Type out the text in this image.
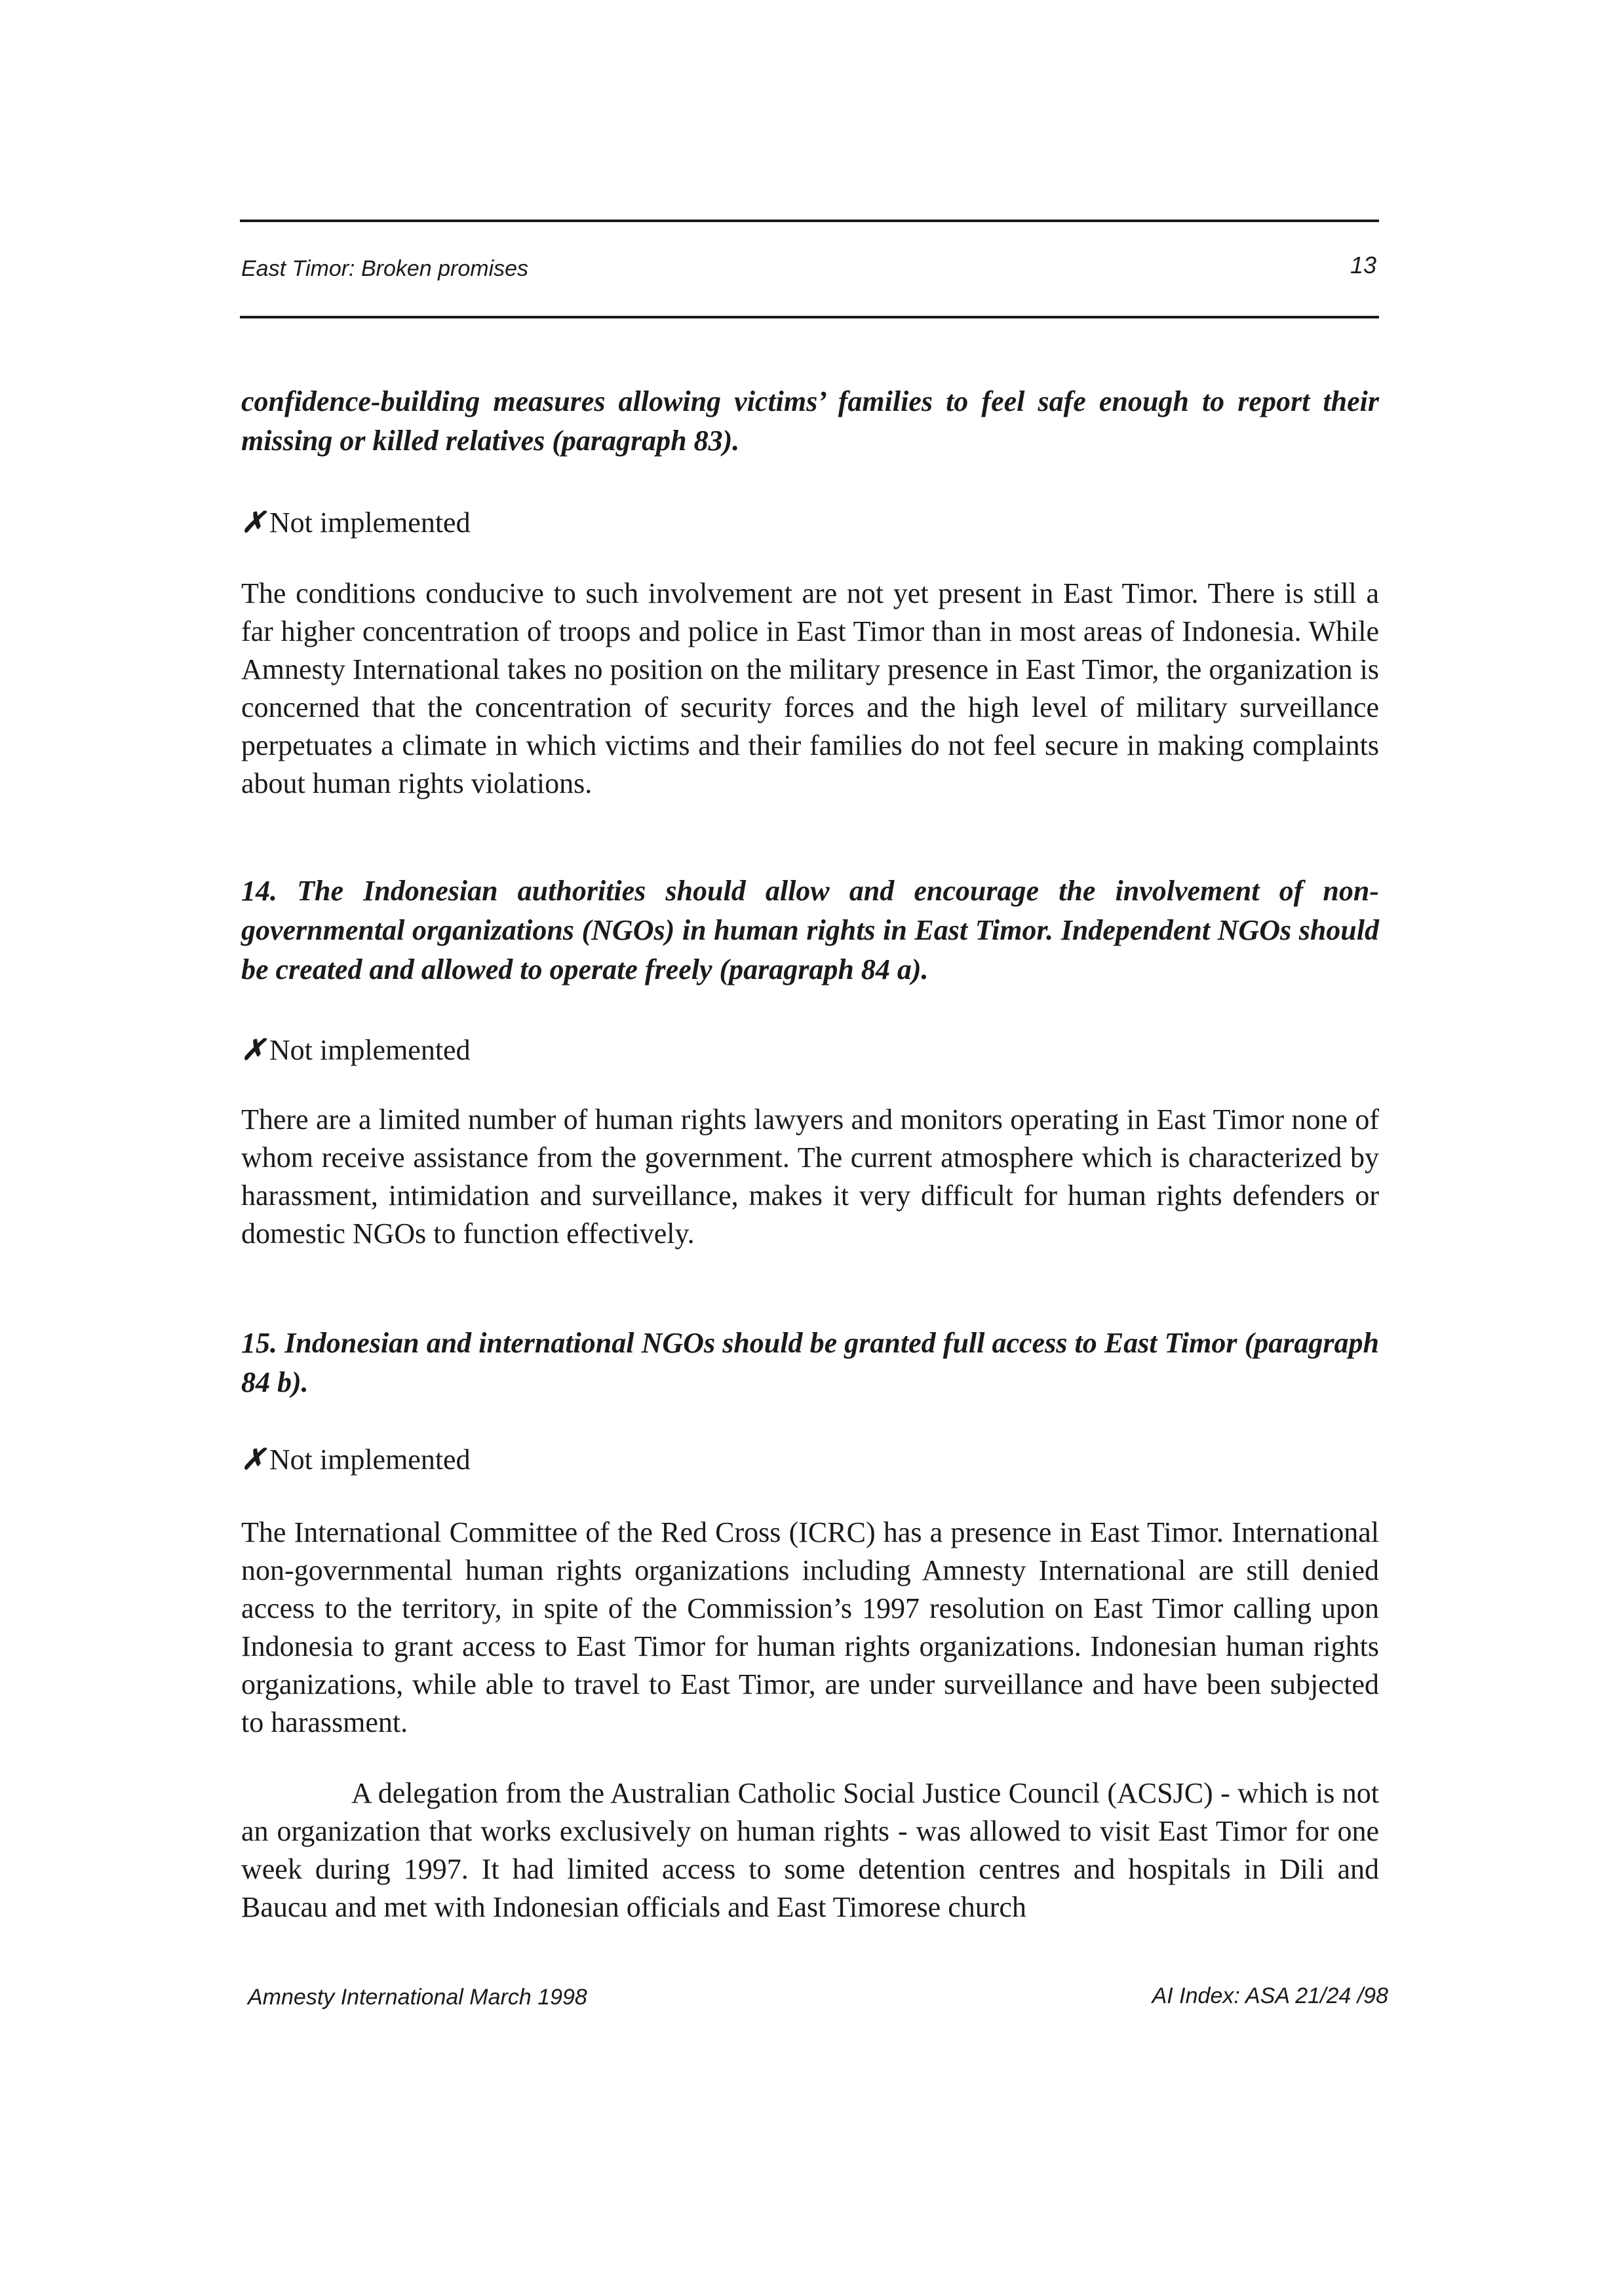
East Timor: Broken promises	13

confidence-building measures allowing victims’ families to feel safe enough to report their missing or killed relatives (paragraph 83).

✗ Not implemented

The conditions conducive to such involvement are not yet present in East Timor. There is still a far higher concentration of troops and police in East Timor than in most areas of Indonesia. While Amnesty International takes no position on the military presence in East Timor, the organization is concerned that the concentration of security forces and the high level of military surveillance perpetuates a climate in which victims and their families do not feel secure in making complaints about human rights violations.

14. The Indonesian authorities should allow and encourage the involvement of non-governmental organizations (NGOs) in human rights in East Timor. Independent NGOs should be created and allowed to operate freely (paragraph 84 a).

✗ Not implemented

There are a limited number of human rights lawyers and monitors operating in East Timor none of whom receive assistance from the government. The current atmosphere which is characterized by harassment, intimidation and surveillance, makes it very difficult for human rights defenders or domestic NGOs to function effectively.

15. Indonesian and international NGOs should be granted full access to East Timor (paragraph 84 b).

✗ Not implemented

The International Committee of the Red Cross (ICRC) has a presence in East Timor. International non-governmental human rights organizations including Amnesty International are still denied access to the territory, in spite of the Commission’s 1997 resolution on East Timor calling upon Indonesia to grant access to East Timor for human rights organizations. Indonesian human rights organizations, while able to travel to East Timor, are under surveillance and have been subjected to harassment.

A delegation from the Australian Catholic Social Justice Council (ACSJC) - which is not an organization that works exclusively on human rights - was allowed to visit East Timor for one week during 1997. It had limited access to some detention centres and hospitals in Dili and Baucau and met with Indonesian officials and East Timorese church

Amnesty International March 1998	AI Index: ASA 21/24 /98
